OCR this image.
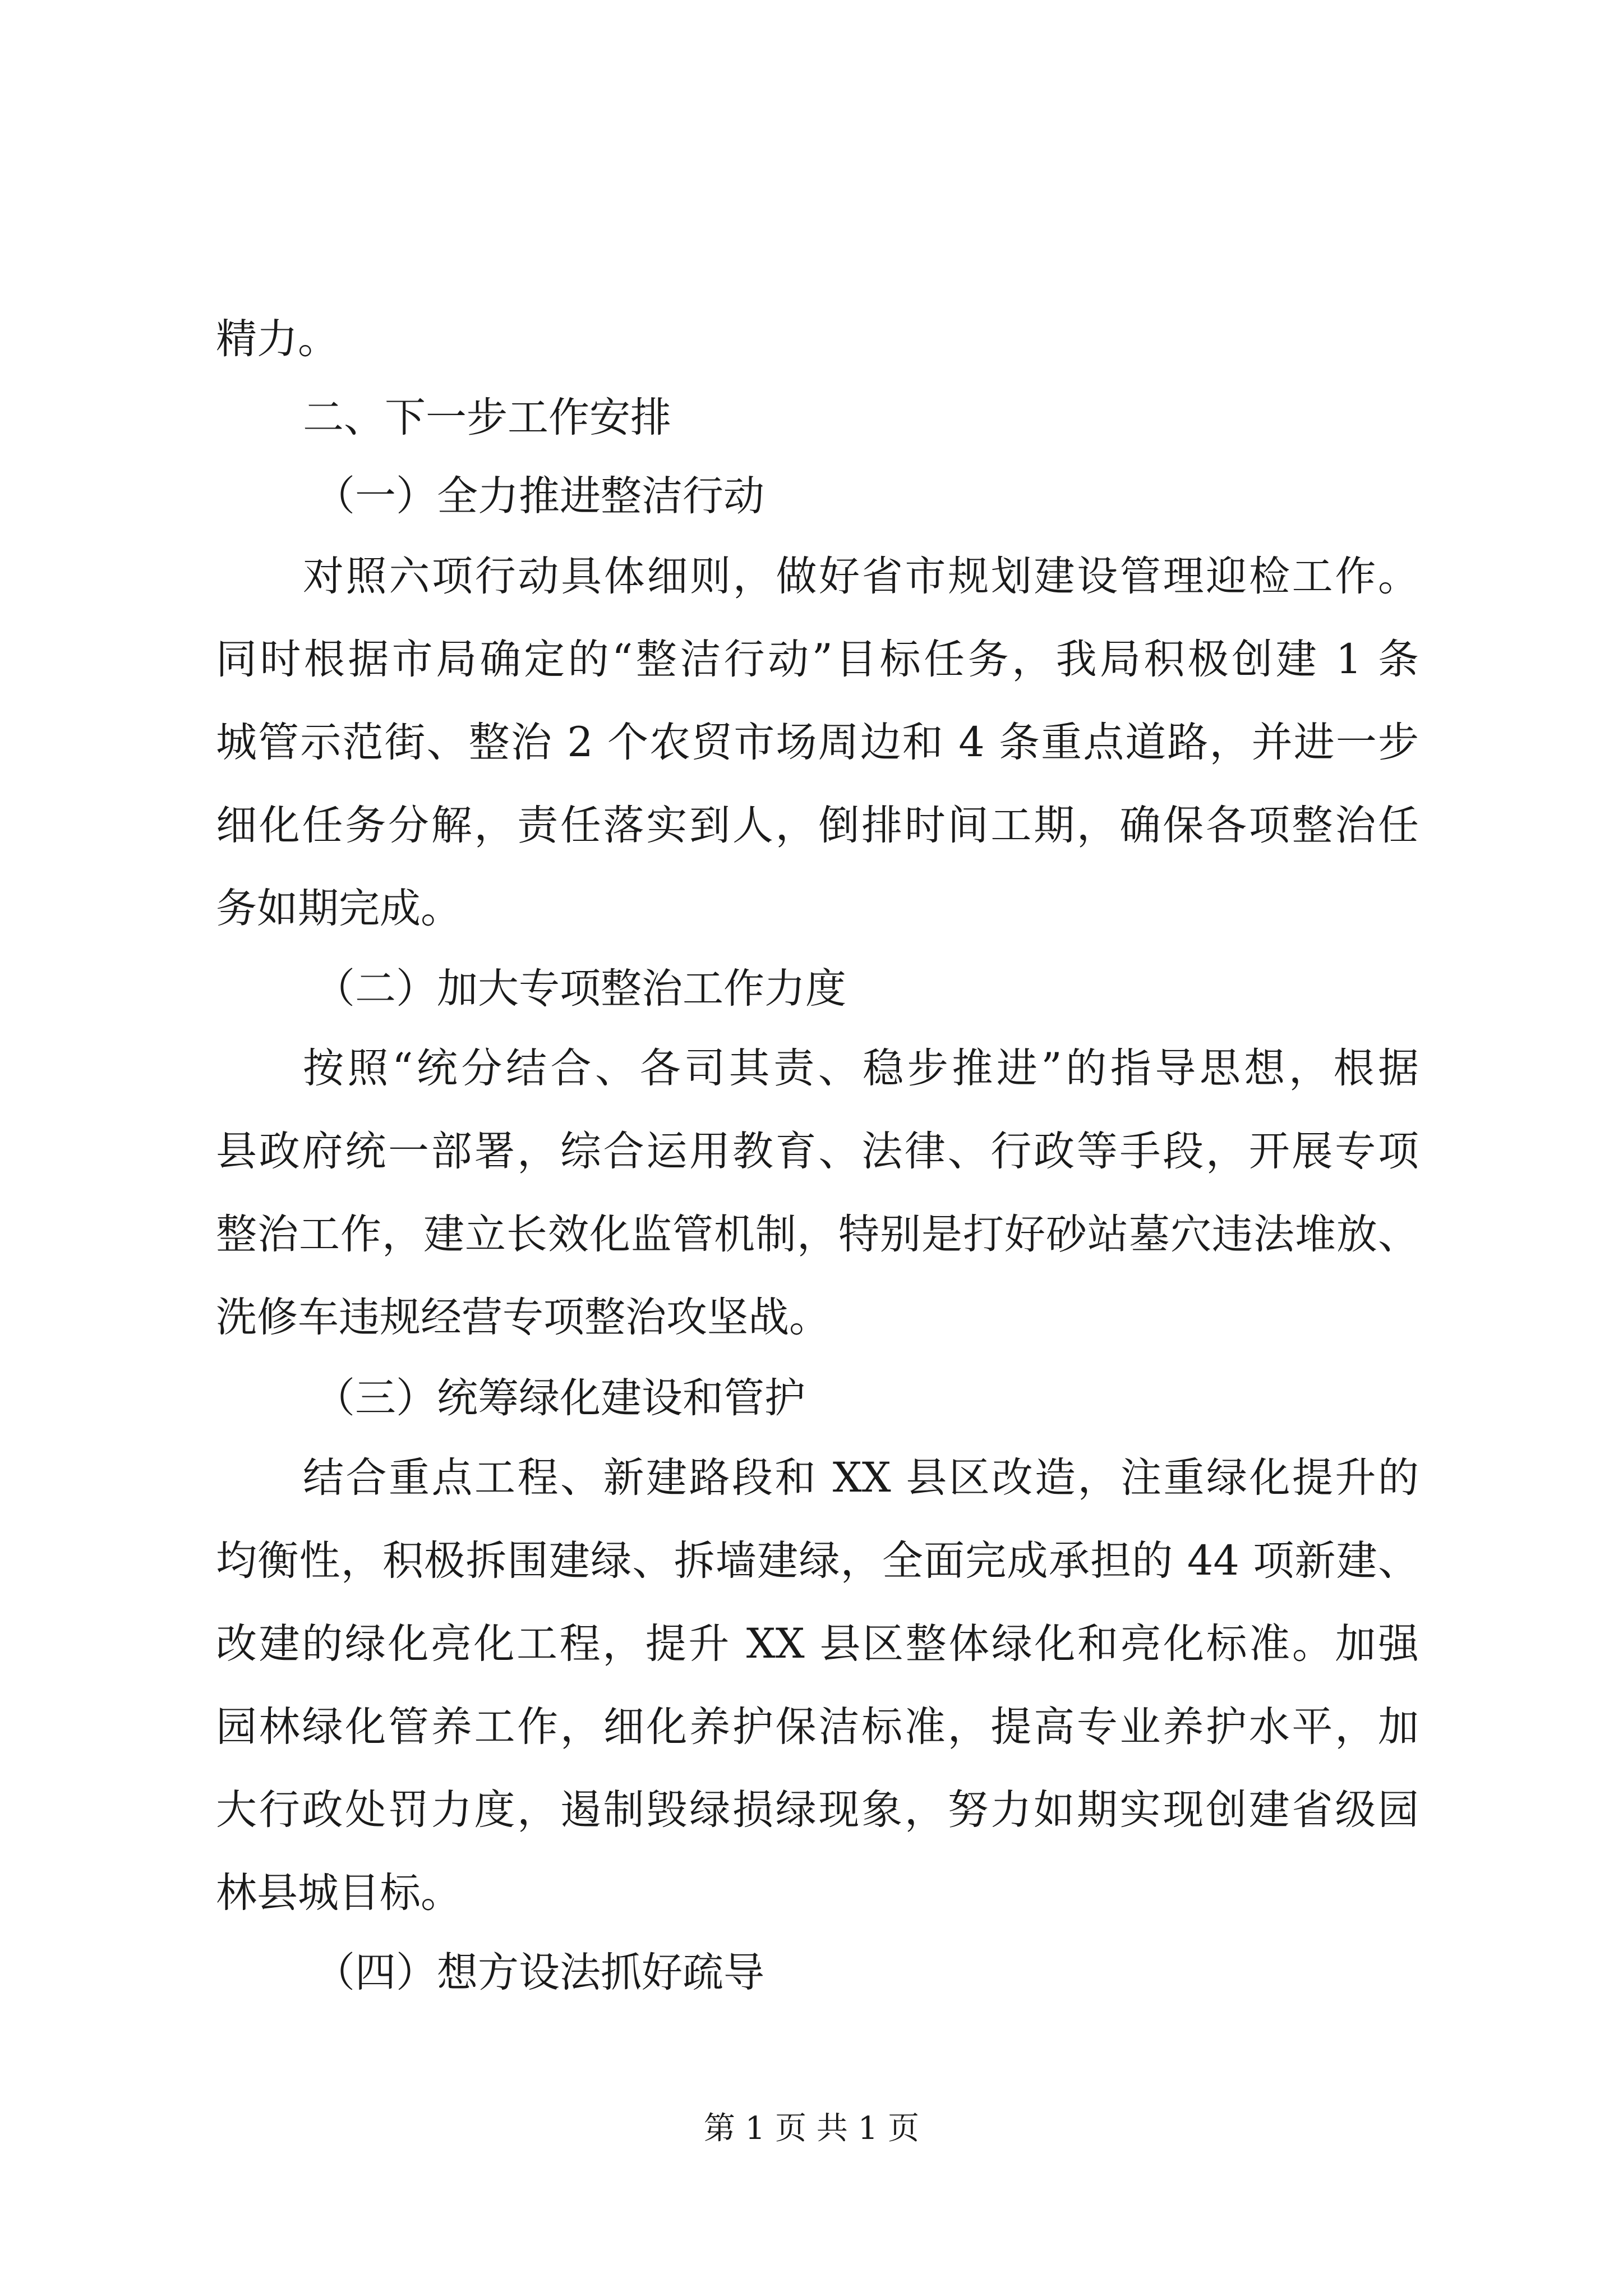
精力。
二、下一步工作安排
（一）全力推进整洁行动
对照六项行动具体细则，做好省市规划建设管理迎检工作。
同时根据市局确定的“整洁行动”目标任务，我局积极创建 1 条
城管示范街、整治 2 个农贸市场周边和 4 条重点道路，并进一步
细化任务分解，责任落实到人，倒排时间工期，确保各项整治任
务如期完成。
（二）加大专项整治工作力度
按照“统分结合、各司其责、稳步推进”的指导思想，根据
县政府统一部署，综合运用教育、法律、行政等手段，开展专项
整治工作，建立长效化监管机制，特别是打好砂站墓穴违法堆放、
洗修车违规经营专项整治攻坚战。
（三）统筹绿化建设和管护
结合重点工程、新建路段和 XX 县区改造，注重绿化提升的
均衡性，积极拆围建绿、拆墙建绿，全面完成承担的 44 项新建、
改建的绿化亮化工程，提升 XX 县区整体绿化和亮化标准。加强
园林绿化管养工作，细化养护保洁标准，提高专业养护水平，加
大行政处罚力度，遏制毁绿损绿现象，努力如期实现创建省级园
林县城目标。
（四）想方设法抓好疏导
第 1 页 共 1 页
